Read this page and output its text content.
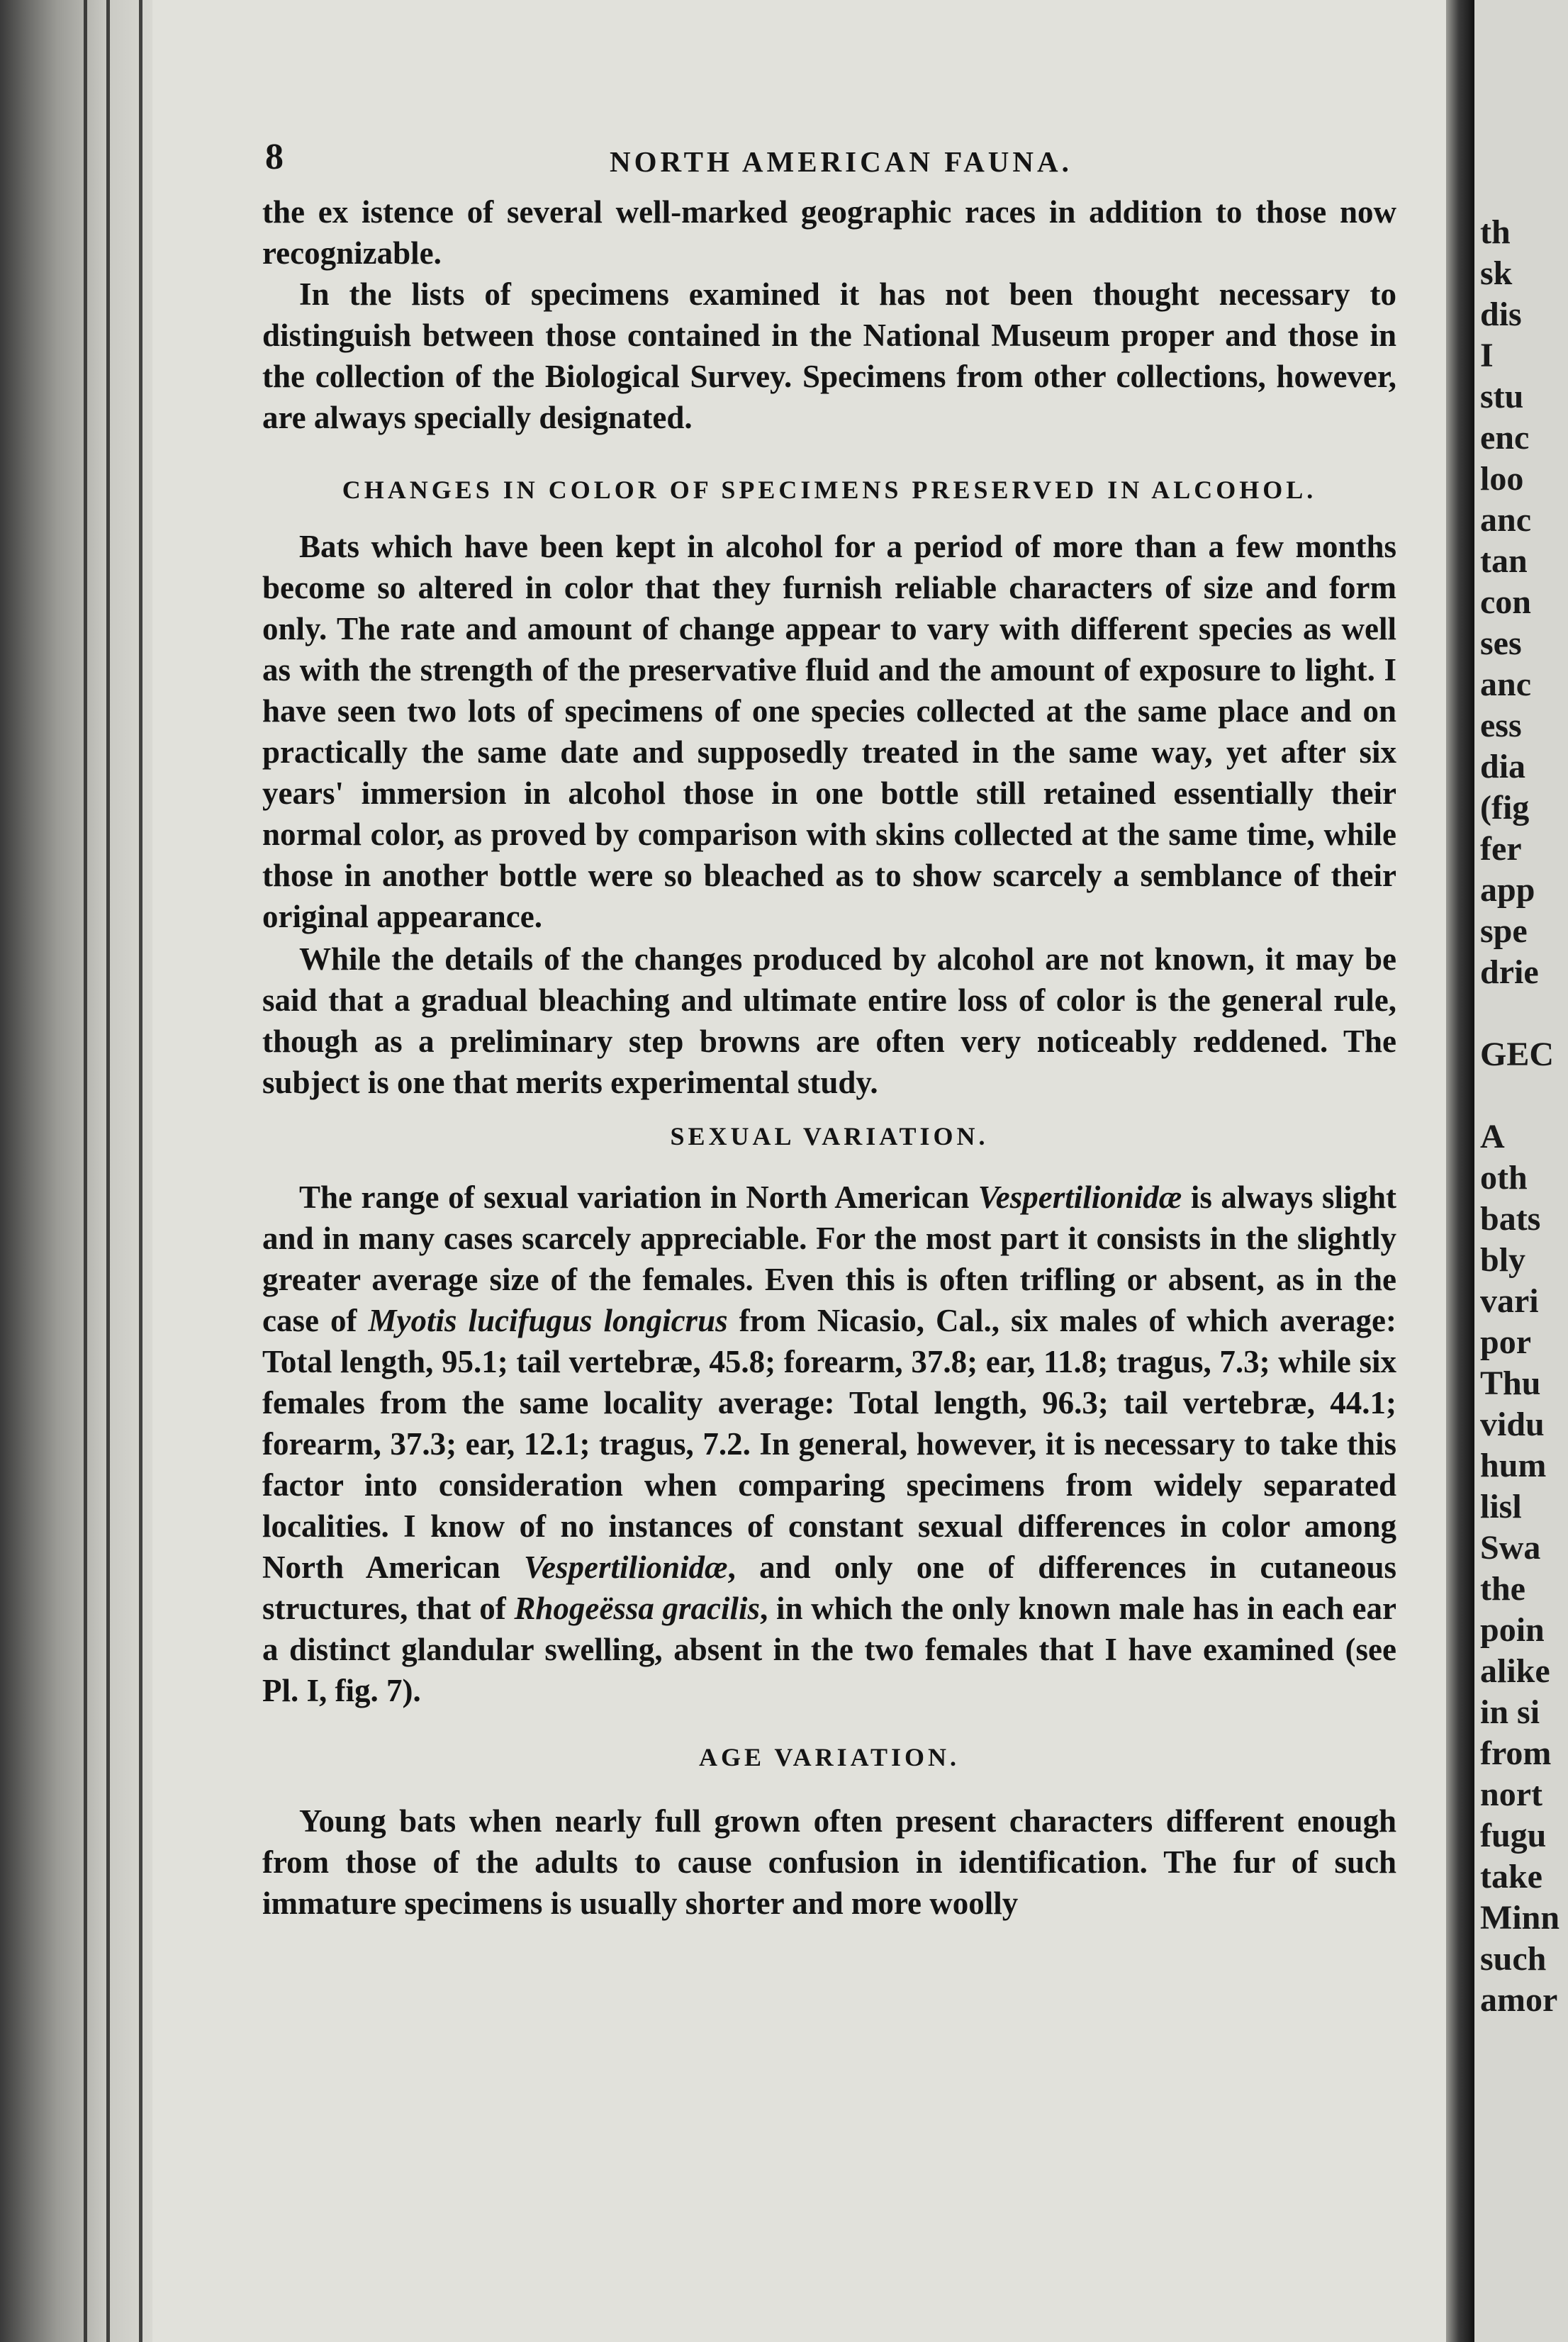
th
sk
dis
I
stu
enc
loo
anc
tan
con
ses
anc
ess
dia
(fig
fer
app
spe
drie
GEC
A
oth
bats
bly
vari
por
Thu
vidu
hum
lisl
Swa
the
poin
alike
in si
from
nort
fugu
take
Minn
such
amor
8	NORTH AMERICAN FAUNA.

the ex istence of several well-marked geographic races in addition to those now recognizable.

In the lists of specimens examined it has not been thought necessary to distinguish between those contained in the National Museum proper and those in the collection of the Biological Survey. Specimens from other collections, however, are always specially designated.

CHANGES IN COLOR OF SPECIMENS PRESERVED IN ALCOHOL.

Bats which have been kept in alcohol for a period of more than a few months become so altered in color that they furnish reliable characters of size and form only. The rate and amount of change appear to vary with different species as well as with the strength of the preservative fluid and the amount of exposure to light. I have seen two lots of specimens of one species collected at the same place and on practically the same date and supposedly treated in the same way, yet after six years' immersion in alcohol those in one bottle still retained essentially their normal color, as proved by comparison with skins collected at the same time, while those in another bottle were so bleached as to show scarcely a semblance of their original appearance.

While the details of the changes produced by alcohol are not known, it may be said that a gradual bleaching and ultimate entire loss of color is the general rule, though as a preliminary step browns are often very noticeably reddened. The subject is one that merits experimental study.

SEXUAL VARIATION.

The range of sexual variation in North American Vespertilionidæ is always slight and in many cases scarcely appreciable. For the most part it consists in the slightly greater average size of the females. Even this is often trifling or absent, as in the case of Myotis lucifugus longicrus from Nicasio, Cal., six males of which average: Total length, 95.1; tail vertebræ, 45.8; forearm, 37.8; ear, 11.8; tragus, 7.3; while six females from the same locality average: Total length, 96.3; tail vertebræ, 44.1; forearm, 37.3; ear, 12.1; tragus, 7.2. In general, however, it is necessary to take this factor into consideration when comparing specimens from widely separated localities. I know of no instances of constant sexual differences in color among North American Vespertilionidæ, and only one of differences in cutaneous structures, that of Rhogeëssa gracilis, in which the only known male has in each ear a distinct glandular swelling, absent in the two females that I have examined (see Pl. I, fig. 7).

AGE VARIATION.

Young bats when nearly full grown often present characters different enough from those of the adults to cause confusion in identification. The fur of such immature specimens is usually shorter and more woolly
